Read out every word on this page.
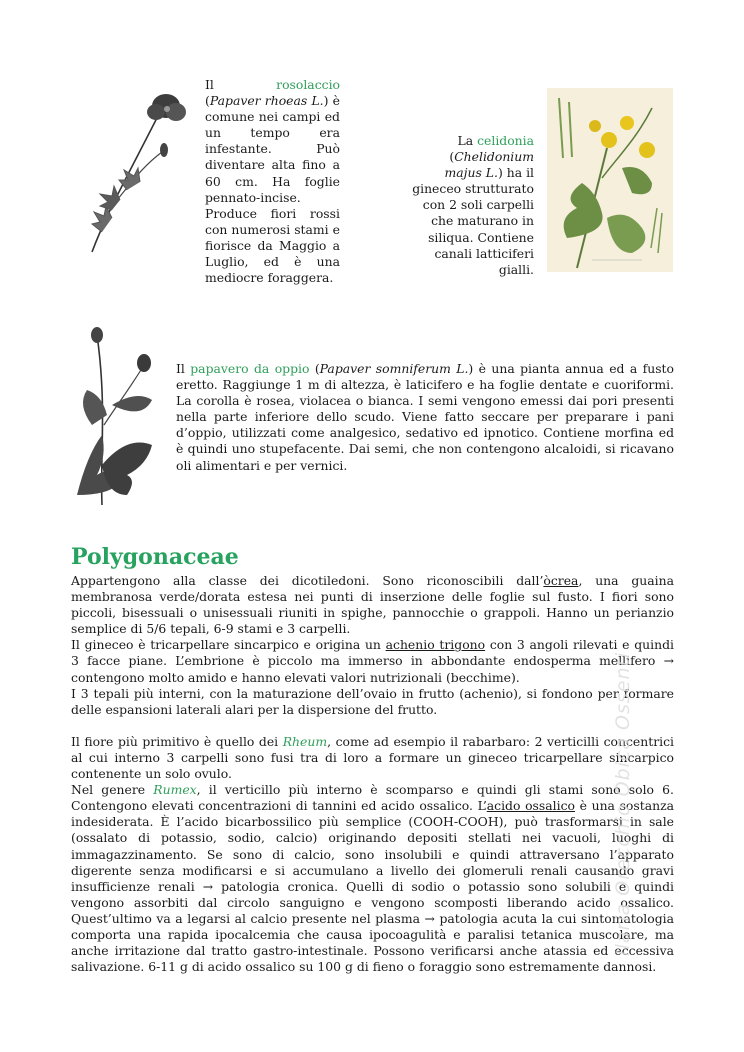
Il rosolaccio (Papaver rhoeas L.) è comune nei campi ed un tempo era infestante. Può diventare alta fino a 60 cm. Ha foglie pennato-incise. Produce fiori rossi con numerosi stami e fiorisce da Maggio a Luglio, ed è una mediocre foraggera.
La celidonia (Chelidonium majus L.) ha il gineceo strutturato con 2 soli carpelli che maturano in siliqua. Contiene canali latticiferi gialli.
Il papavero da oppio (Papaver somniferum L.) è una pianta annua ed a fusto eretto. Raggiunge 1 m di altezza, è laticifero e ha foglie dentate e cuoriformi. La corolla è rosea, violacea o bianca. I semi vengono emessi dai pori presenti nella parte inferiore dello scudo. Viene fatto seccare per preparare i pani d’oppio, utilizzati come analgesico, sedativo ed ipnotico. Contiene morfina ed è quindi uno stupefacente. Dai semi, che non contengono alcaloidi, si ricavano oli alimentari e per vernici.
Polygonaceae
Appartengono alla classe dei dicotiledoni. Sono riconoscibili dall’òcrea, una guaina membranosa verde/dorata estesa nei punti di inserzione delle foglie sul fusto. I fiori sono piccoli, bisessuali o unisessuali riuniti in spighe, pannocchie o grappoli. Hanno un perianzio semplice di 5/6 tepali, 6-9 stami e 3 carpelli.
Il gineceo è tricarpellare sincarpico e origina un achenio trigono con 3 angoli rilevati e quindi 3 facce piane. L’embrione è piccolo ma immerso in abbondante endosperma mellifero → contengono molto amido e hanno elevati valori nutrizionali (becchime).
I 3 tepali più interni, con la maturazione dell’ovaio in frutto (achenio), si fondono per formare delle espansioni laterali alari per la dispersione del frutto.
Il fiore più primitivo è quello dei Rheum, come ad esempio il rabarbaro: 2 verticilli concentrici al cui interno 3 carpelli sono fusi tra di loro a formare un gineceo tricarpellare sincarpico contenente un solo ovulo.
Nel genere Rumex, il verticillo più interno è scomparso e quindi gli stami sono solo 6. Contengono elevati concentrazioni di tannini ed acido ossalico. L’acido ossalico è una sostanza indesiderata. È l’acido bicarbossilico più semplice (COOH-COOH), può trasformarsi in sale (ossalato di potassio, sodio, calcio) originando depositi stellati nei vacuoli, luoghi di immagazzinamento. Se sono di calcio, sono insolubili e quindi attraversano l’apparato digerente senza modificarsi e si accumulano a livello dei glomeruli renali causando gravi insufficienze renali → patologia cronica. Quelli di sodio o potassio sono solubili e quindi vengono assorbiti dal circolo sanguigno e vengono scomposti liberando acido ossalico. Quest’ultimo va a legarsi al calcio presente nel plasma → patologia acuta la cui sintomatologia comporta una rapida ipocalcemia che causa ipocoagulità e paralisi tetanica muscolare, ma anche irritazione dal tratto gastro-intestinale. Possono verificarsi anche atassia ed eccessiva salivazione. 6-11 g di acido ossalico su 100 g di fieno o foraggio sono estremamente dannosi.
Ilaria Orecchio Obica Ossenti
